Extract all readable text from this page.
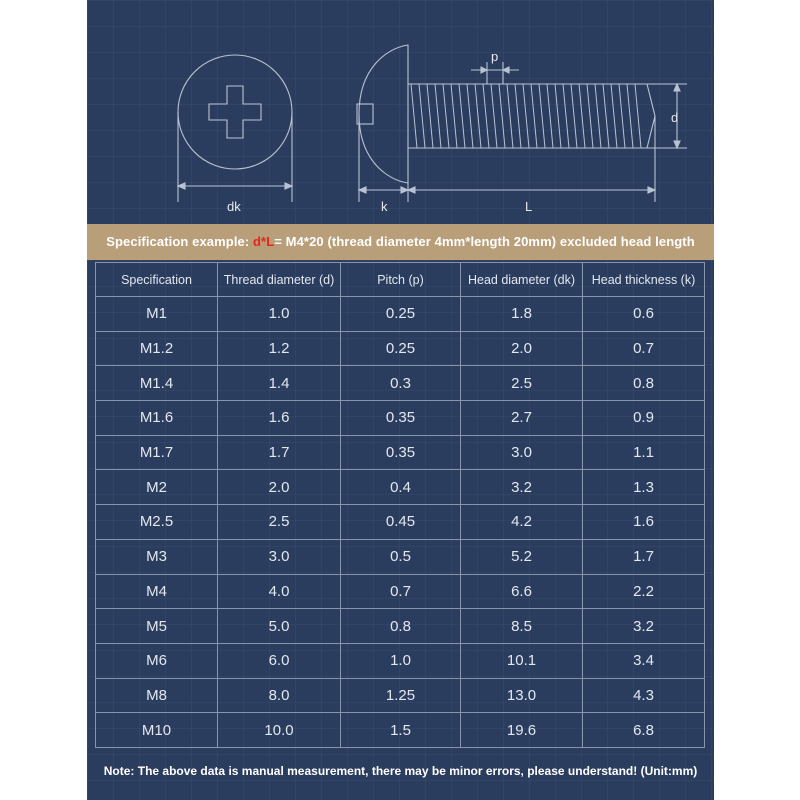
dk	k	L
p
d
Specification example: d*L= M4*20 (thread diameter 4mm*length 20mm) excluded head length
Specification	Thread diameter (d)	Pitch (p)	Head diameter (dk)	Head thickness (k)
M1	1.0	0.25	1.8	0.6
M1.2	1.2	0.25	2.0	0.7
M1.4	1.4	0.3	2.5	0.8
M1.6	1.6	0.35	2.7	0.9
M1.7	1.7	0.35	3.0	1.1
M2	2.0	0.4	3.2	1.3
M2.5	2.5	0.45	4.2	1.6
M3	3.0	0.5	5.2	1.7
M4	4.0	0.7	6.6	2.2
M5	5.0	0.8	8.5	3.2
M6	6.0	1.0	10.1	3.4
M8	8.0	1.25	13.0	4.3
M10	10.0	1.5	19.6	6.8
Note: The above data is manual measurement, there may be minor errors, please understand! (Unit:mm)
